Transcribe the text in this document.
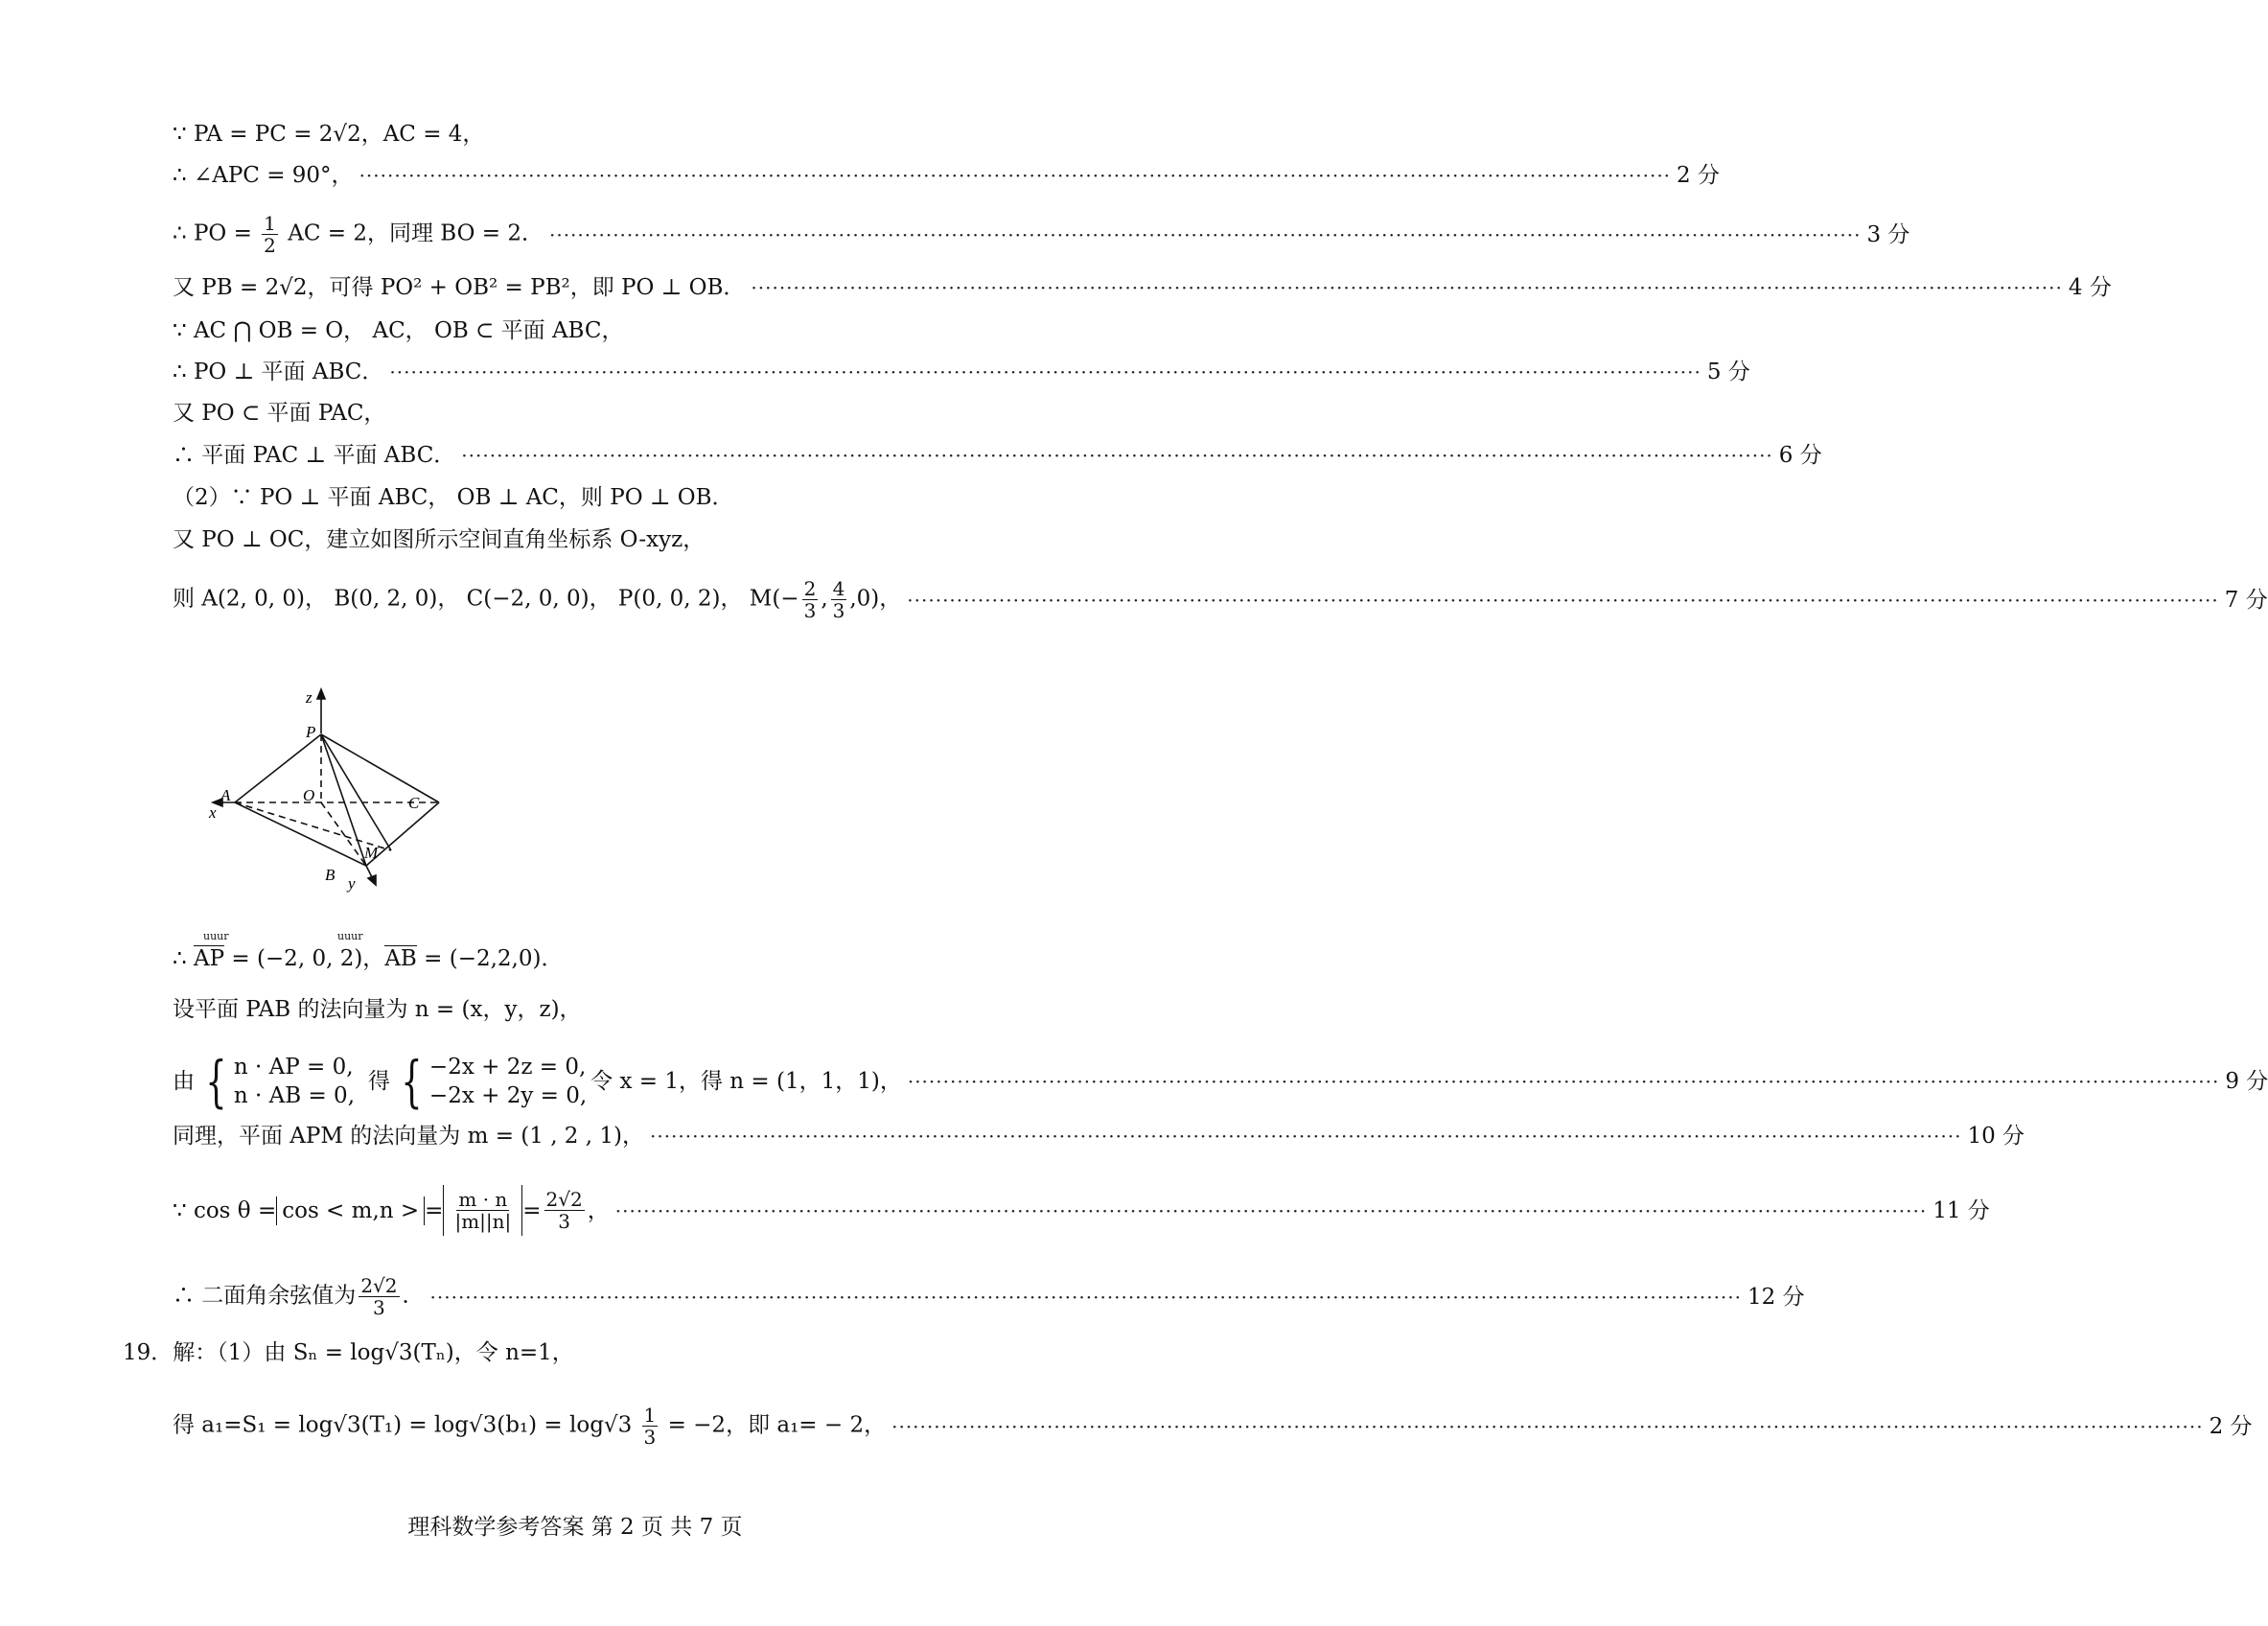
∵ PA = PC = 2√2，AC = 4，
∴ ∠APC = 90°， ·····	2 分
∴ PO = $\frac{1}{2}$ AC = 2，同理 BO = 2． ·····	3 分
又 PB = 2√2，可得 PO² + OB² = PB²，即 PO ⊥ OB． ·····	4 分
∵ AC ⋂ OB = O， AC， OB ⊂ 平面 ABC，
∴ PO ⊥ 平面 ABC． ·····	5 分
又 PO ⊂ 平面 PAC，
∴ 平面 PAC ⊥ 平面 ABC． ·····	6 分
（2）∵ PO ⊥ 平面 ABC， OB ⊥ AC，则 PO ⊥ OB．
又 PO ⊥ OC，建立如图所示空间直角坐标系 O-xyz，
则 A(2, 0, 0)， B(0, 2, 0)， C(−2, 0, 0)， P(0, 0, 2)， $M(- \frac{2}{3}$ , $\frac{4}{3} ,0$)， ·····	7 分
z
P
A
x
O	C
M
B y
∴ AP = (−2, 0, 2)，AB = (−2,2,0)．
uuur	uuur
设平面 PAB 的法向量为 n = (x，y，z)，
由 { n · AP = 0,
n · AB = 0,
得 { −2x + 2z = 0,
−2x + 2y = 0,
令 x = 1，得 n = (1，1，1)， ·····	9 分
同理，平面 APM 的法向量为 m = (1 , 2 , 1)， ·····	10 分
∵ cos θ = cos < m,n > = $\frac{m \cdot n}{|m||n|} = \frac{2√2}{3}$ ， ·····	11 分
∴ 二面角余弦值为 $\frac{2√2}{3}$ ． ·····	12 分
19．解：（1）由 Sₙ = log√3(Tₙ)，令 n=1，
得 $a_1=S_1 = \log√3(T_1) = \log√3(b_1) = \log√3 \frac{1}{3} = -2$，即 a₁= − 2， ·····	2 分
理科数学参考答案 第 2 页 共 7 页
